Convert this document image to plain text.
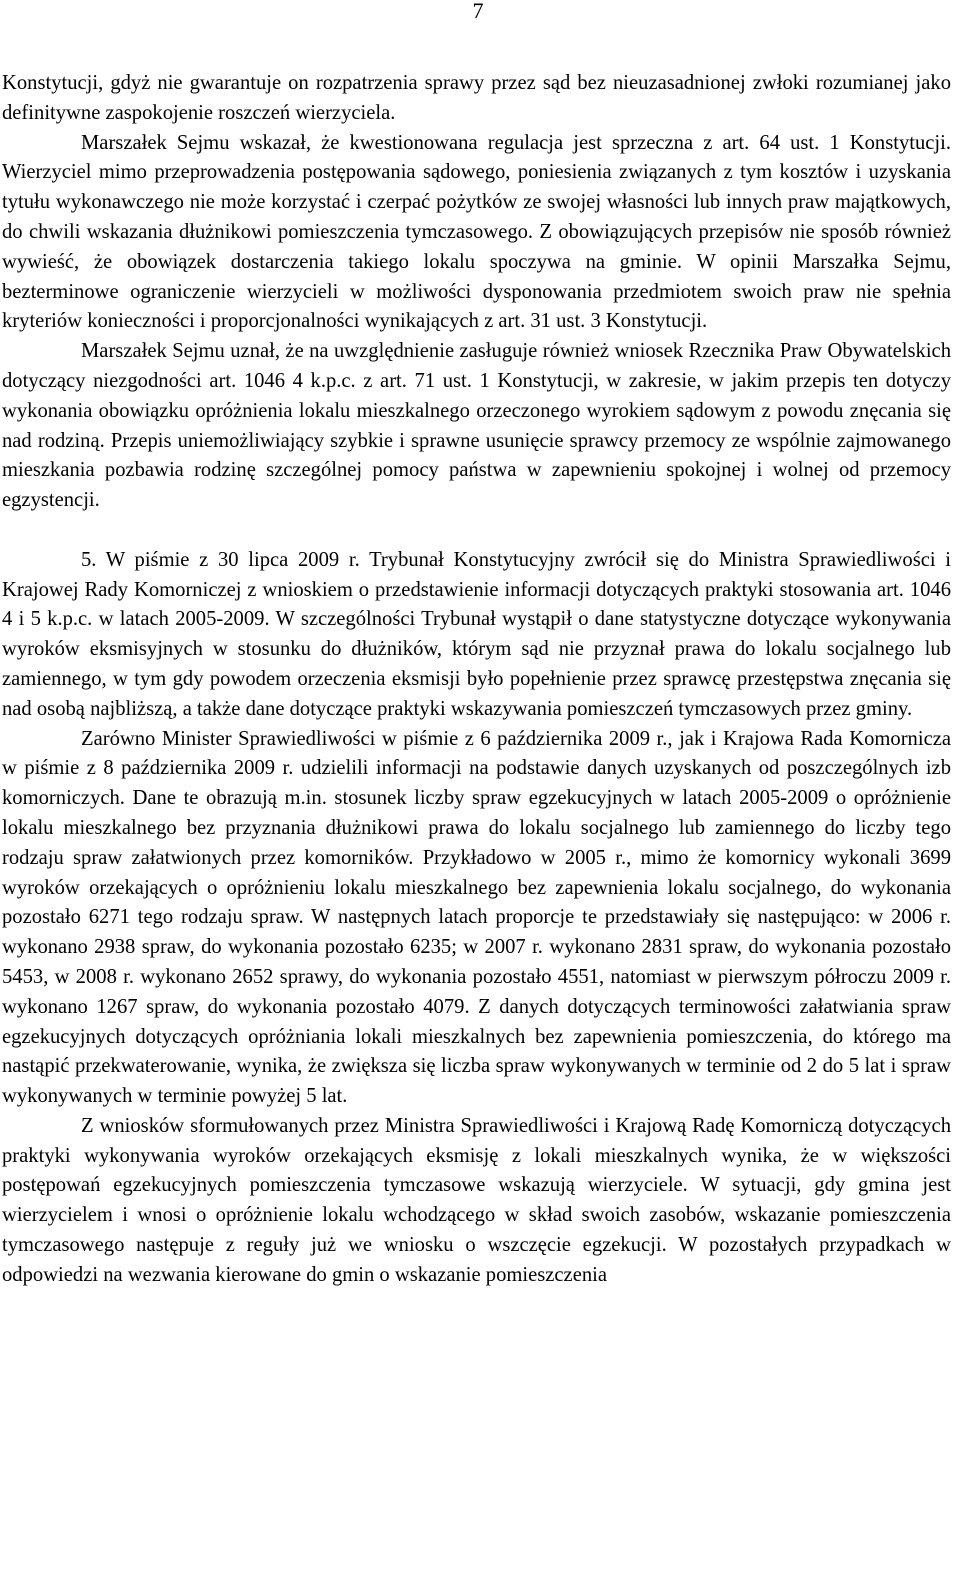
7

Konstytucji, gdyż nie gwarantuje on rozpatrzenia sprawy przez sąd bez nieuzasadnionej zwłoki rozumianej jako definitywne zaspokojenie roszczeń wierzyciela.

Marszałek Sejmu wskazał, że kwestionowana regulacja jest sprzeczna z art. 64 ust. 1 Konstytucji. Wierzyciel mimo przeprowadzenia postępowania sądowego, poniesienia związanych z tym kosztów i uzyskania tytułu wykonawczego nie może korzystać i czerpać pożytków ze swojej własności lub innych praw majątkowych, do chwili wskazania dłużnikowi pomieszczenia tymczasowego. Z obowiązujących przepisów nie sposób również wywieść, że obowiązek dostarczenia takiego lokalu spoczywa na gminie. W opinii Marszałka Sejmu, bezterminowe ograniczenie wierzycieli w możliwości dysponowania przedmiotem swoich praw nie spełnia kryteriów konieczności i proporcjonalności wynikających z art. 31 ust. 3 Konstytucji.

Marszałek Sejmu uznał, że na uwzględnienie zasługuje również wniosek Rzecznika Praw Obywatelskich dotyczący niezgodności art. 1046 4 k.p.c. z art. 71 ust. 1 Konstytucji, w zakresie, w jakim przepis ten dotyczy wykonania obowiązku opróżnienia lokalu mieszkalnego orzeczonego wyrokiem sądowym z powodu znęcania się nad rodziną. Przepis uniemożliwiający szybkie i sprawne usunięcie sprawcy przemocy ze wspólnie zajmowanego mieszkania pozbawia rodzinę szczególnej pomocy państwa w zapewnieniu spokojnej i wolnej od przemocy egzystencji.

5. W piśmie z 30 lipca 2009 r. Trybunał Konstytucyjny zwrócił się do Ministra Sprawiedliwości i Krajowej Rady Komorniczej z wnioskiem o przedstawienie informacji dotyczących praktyki stosowania art. 1046 4 i 5 k.p.c. w latach 2005-2009. W szczególności Trybunał wystąpił o dane statystyczne dotyczące wykonywania wyroków eksmisyjnych w stosunku do dłużników, którym sąd nie przyznał prawa do lokalu socjalnego lub zamiennego, w tym gdy powodem orzeczenia eksmisji było popełnienie przez sprawcę przestępstwa znęcania się nad osobą najbliższą, a także dane dotyczące praktyki wskazywania pomieszczeń tymczasowych przez gminy.

Zarówno Minister Sprawiedliwości w piśmie z 6 października 2009 r., jak i Krajowa Rada Komornicza w piśmie z 8 października 2009 r. udzielili informacji na podstawie danych uzyskanych od poszczególnych izb komorniczych. Dane te obrazują m.in. stosunek liczby spraw egzekucyjnych w latach 2005-2009 o opróżnienie lokalu mieszkalnego bez przyznania dłużnikowi prawa do lokalu socjalnego lub zamiennego do liczby tego rodzaju spraw załatwionych przez komorników. Przykładowo w 2005 r., mimo że komornicy wykonali 3699 wyroków orzekających o opróżnieniu lokalu mieszkalnego bez zapewnienia lokalu socjalnego, do wykonania pozostało 6271 tego rodzaju spraw. W następnych latach proporcje te przedstawiały się następująco: w 2006 r. wykonano 2938 spraw, do wykonania pozostało 6235; w 2007 r. wykonano 2831 spraw, do wykonania pozostało 5453, w 2008 r. wykonano 2652 sprawy, do wykonania pozostało 4551, natomiast w pierwszym półroczu 2009 r. wykonano 1267 spraw, do wykonania pozostało 4079. Z danych dotyczących terminowości załatwiania spraw egzekucyjnych dotyczących opróżniania lokali mieszkalnych bez zapewnienia pomieszczenia, do którego ma nastąpić przekwaterowanie, wynika, że zwiększa się liczba spraw wykonywanych w terminie od 2 do 5 lat i spraw wykonywanych w terminie powyżej 5 lat.

Z wniosków sformułowanych przez Ministra Sprawiedliwości i Krajową Radę Komorniczą dotyczących praktyki wykonywania wyroków orzekających eksmisję z lokali mieszkalnych wynika, że w większości postępowań egzekucyjnych pomieszczenia tymczasowe wskazują wierzyciele. W sytuacji, gdy gmina jest wierzycielem i wnosi o opróżnienie lokalu wchodzącego w skład swoich zasobów, wskazanie pomieszczenia tymczasowego następuje z reguły już we wniosku o wszczęcie egzekucji. W pozostałych przypadkach w odpowiedzi na wezwania kierowane do gmin o wskazanie pomieszczenia
